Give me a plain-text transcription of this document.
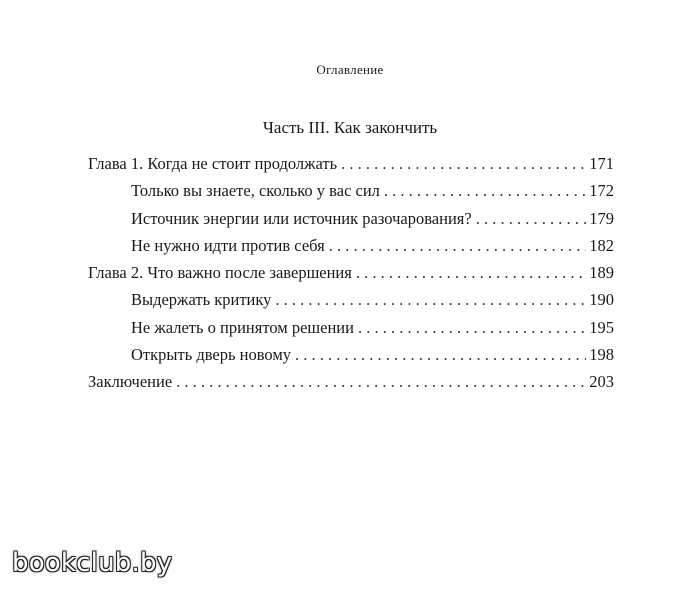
Оглавление
Часть III. Как закончить
Глава 1. Когда не стоит продолжать . . .	171
Только вы знаете, сколько у вас сил . . .	172
Источник энергии или источник разочарования? . . .	179
Не нужно идти против себя . . .	182
Глава 2. Что важно после завершения . . .	189
Выдержать критику . . .	190
Не жалеть о принятом решении . . .	195
Открыть дверь новому . . .	198
Заключение . . .	203
bookclub.by
